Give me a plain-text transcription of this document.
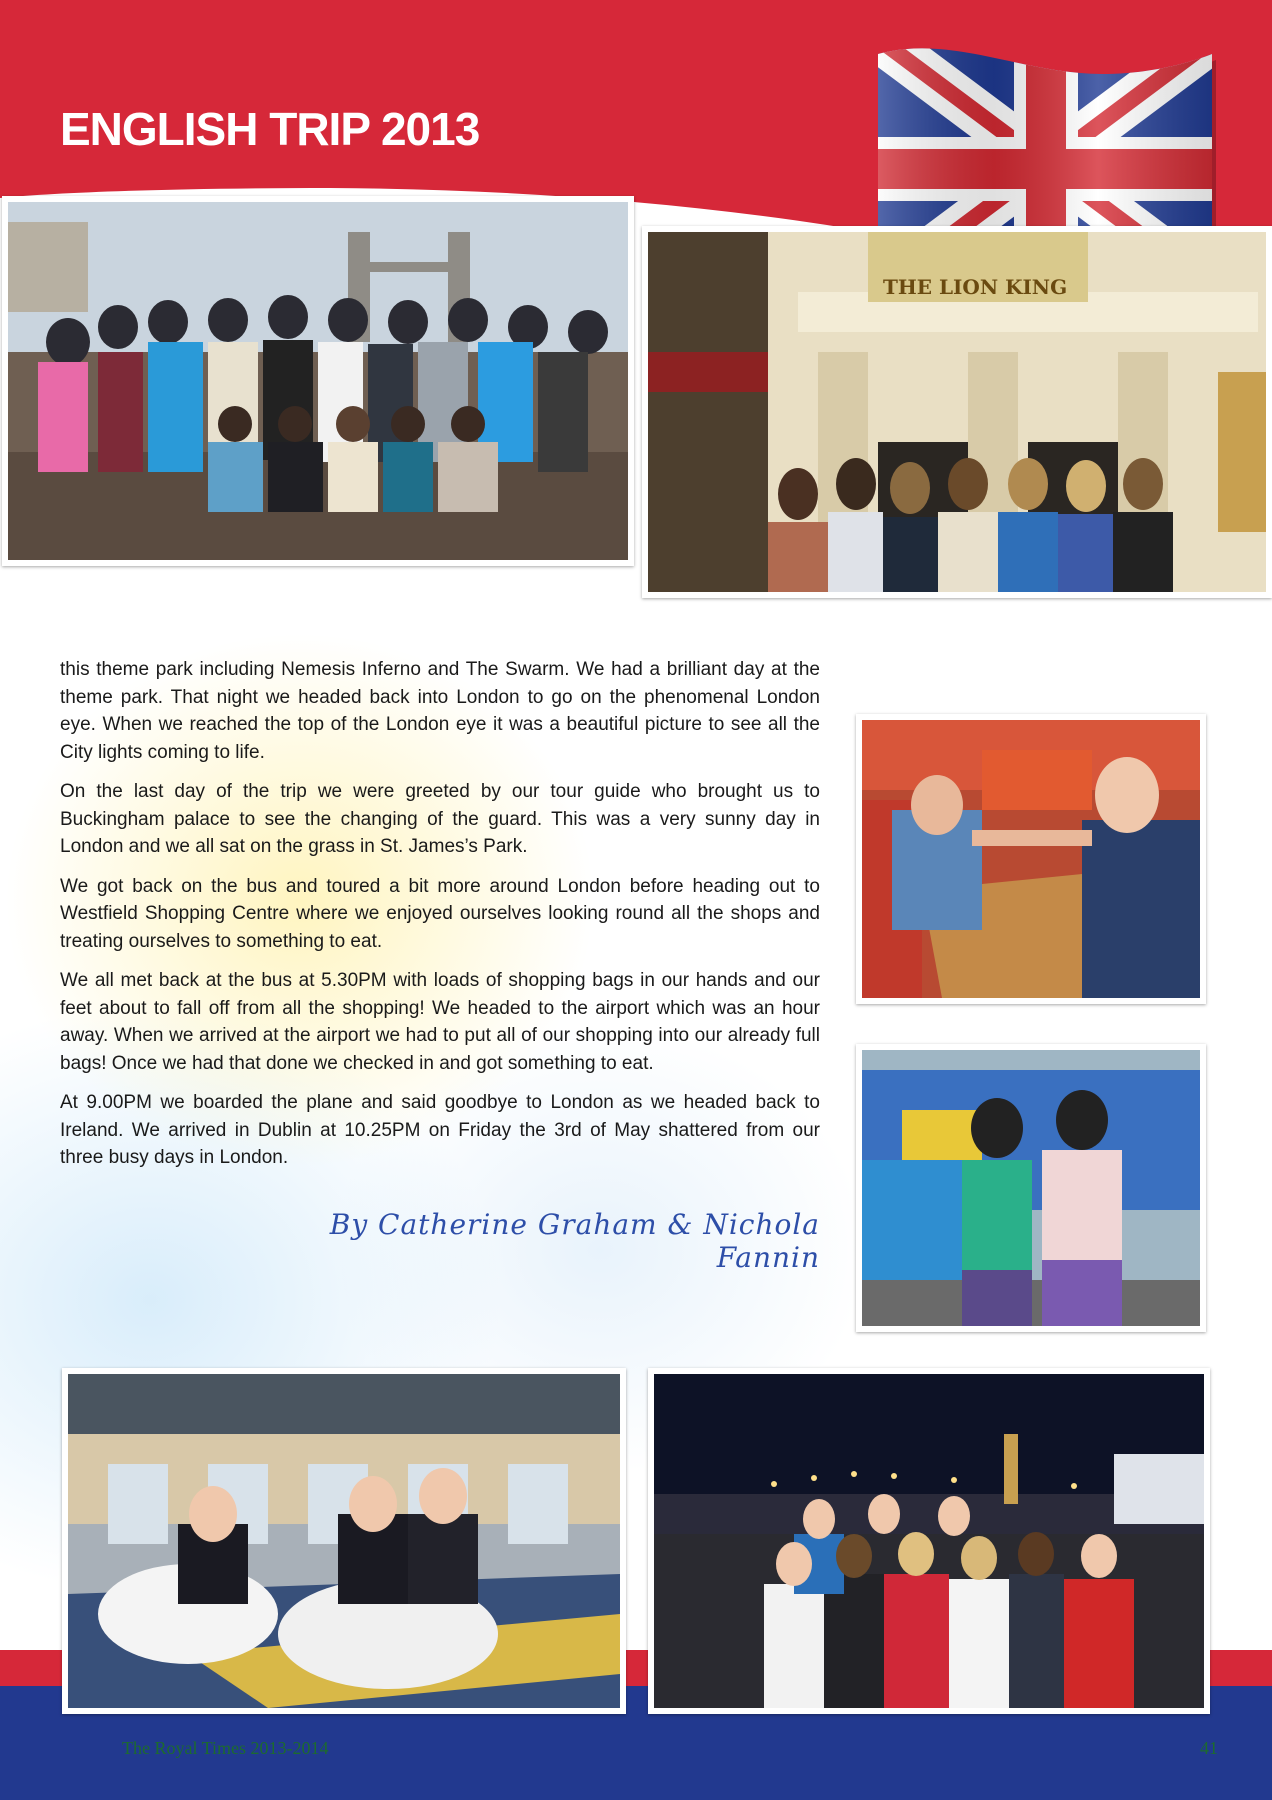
ENGLISH TRIP 2013
THE LION KING

this theme park including Nemesis Inferno and The Swarm. We had a brilliant day at the theme park. That night we headed back into London to go on the phenomenal London eye. When we reached the top of the London eye it was a beautiful picture to see all the City lights coming to life.

On the last day of the trip we were greeted by our tour guide who brought us to Buckingham palace to see the changing of the guard. This was a very sunny day in London and we all sat on the grass in St. James’s Park.

We got back on the bus and toured a bit more around London before heading out to Westfield Shopping Centre where we enjoyed ourselves looking round all the shops and treating ourselves to something to eat.

We all met back at the bus at 5.30PM with loads of shopping bags in our hands and our feet about to fall off from all the shopping! We headed to the airport which was an hour away. When we arrived at the airport we had to put all of our shopping into our already full bags! Once we had that done we checked in and got something to eat.

At 9.00PM we boarded the plane and said goodbye to London as we headed back to Ireland. We arrived in Dublin at 10.25PM on Friday the 3rd of May shattered from our three busy days in London.

By Catherine Graham & Nichola Fannin
The Royal Times 2013-2014	41
